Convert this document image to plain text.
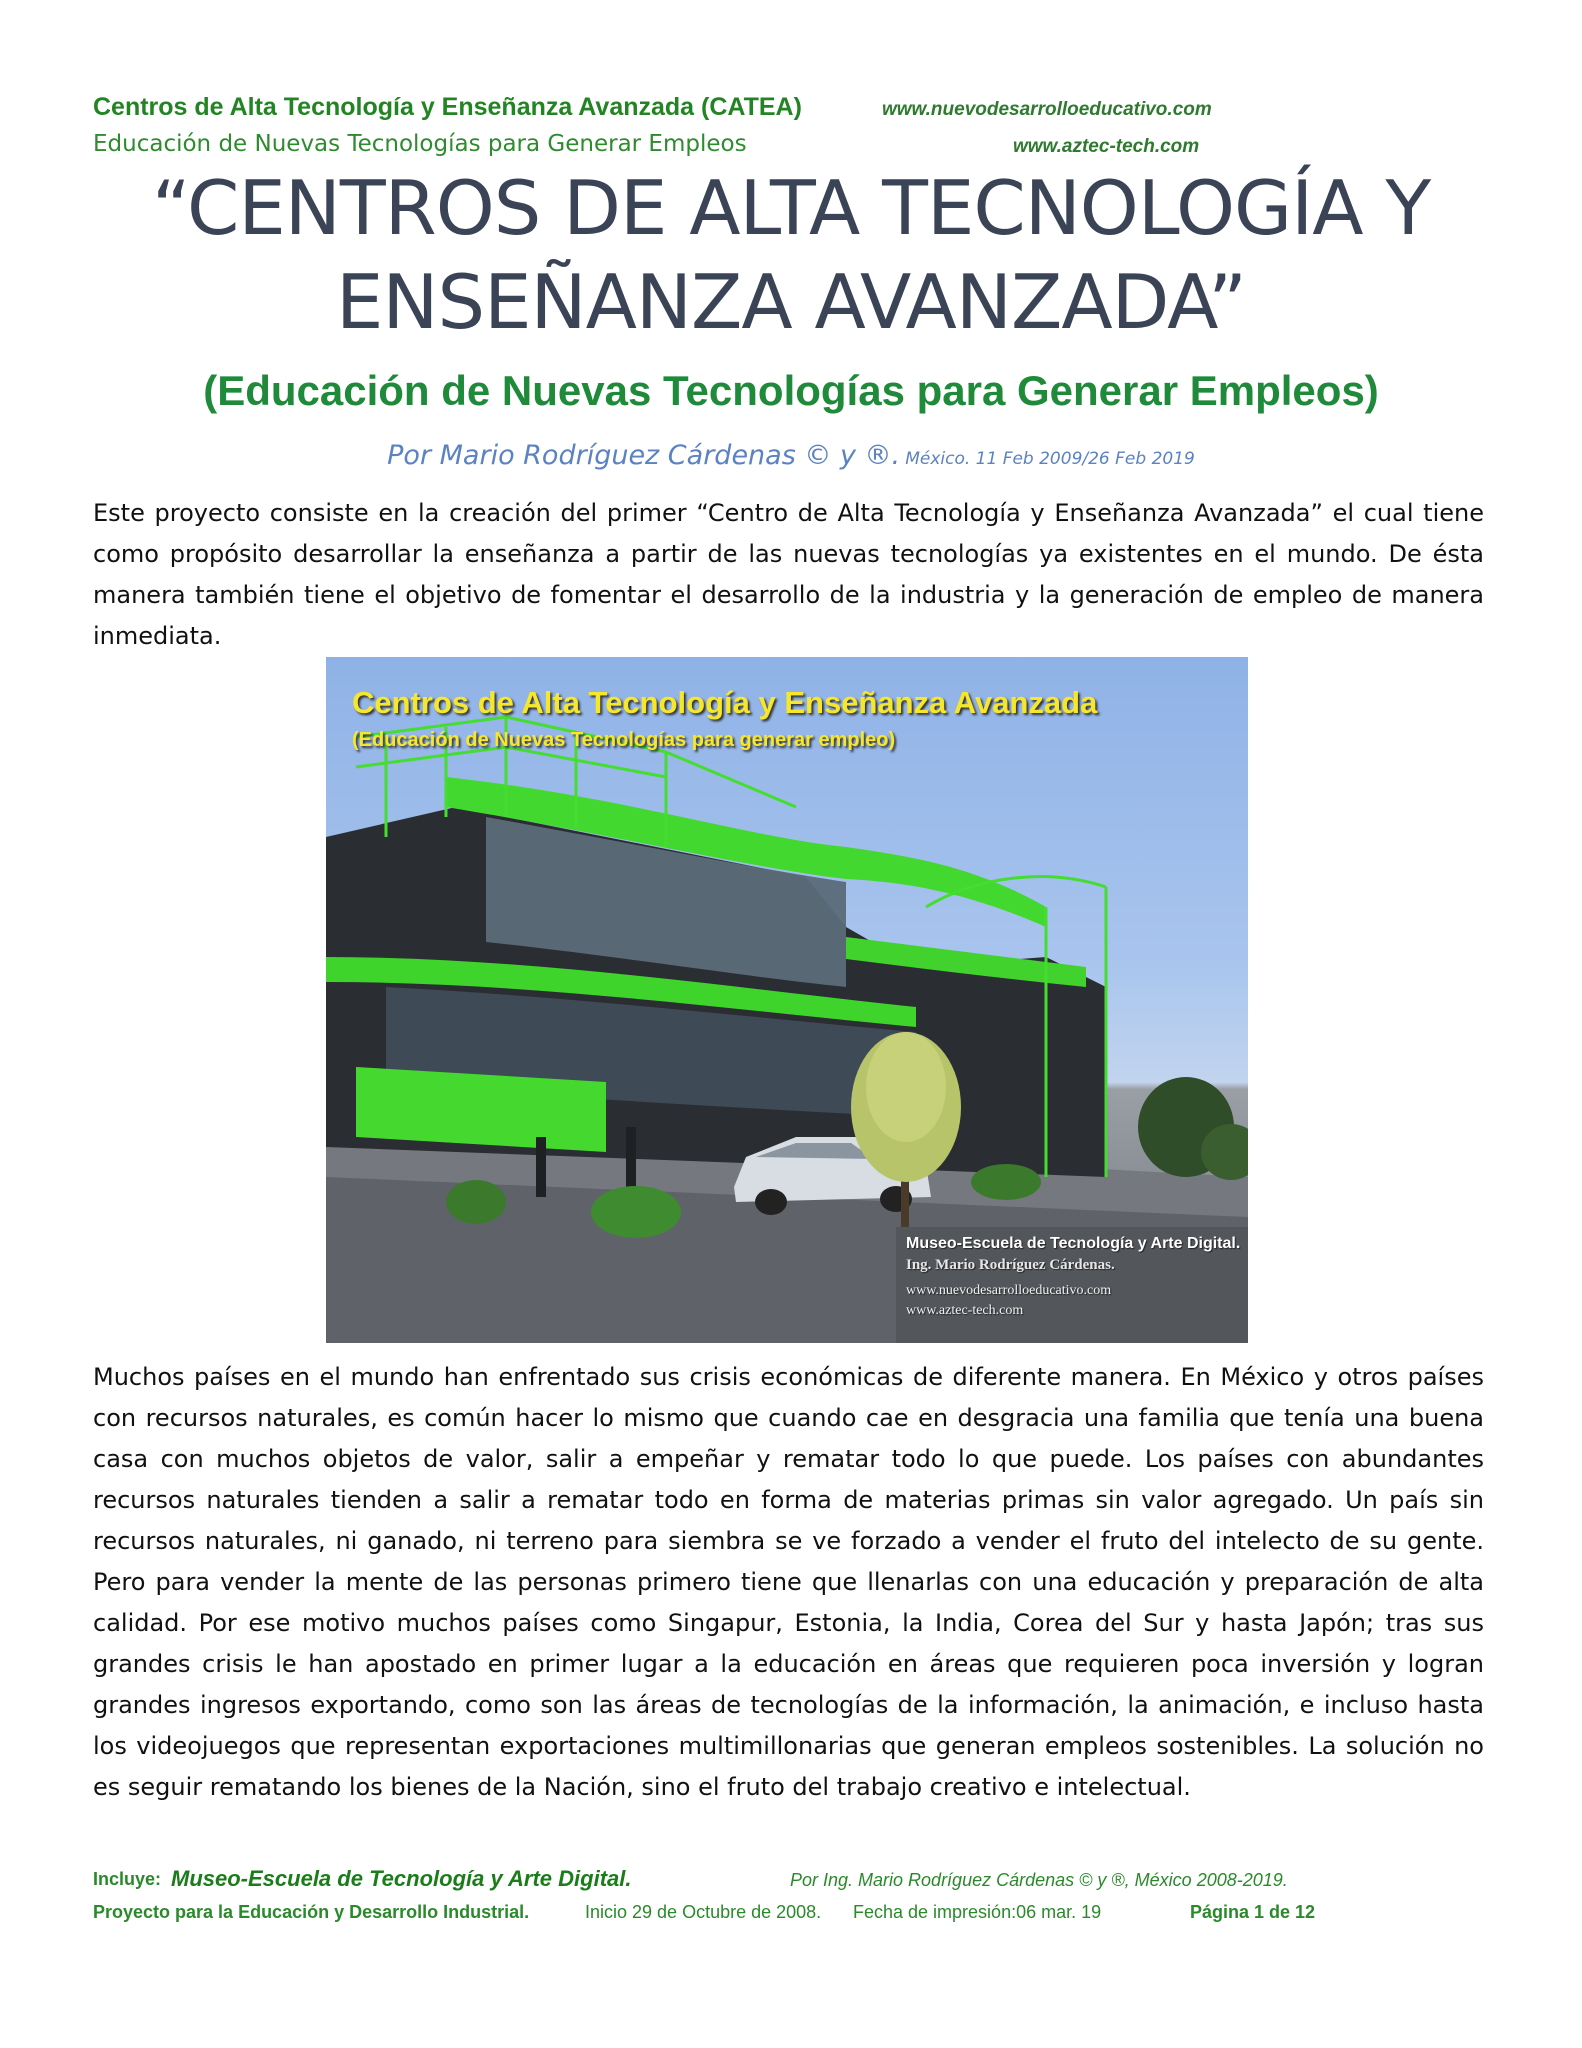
Centros de Alta Tecnología y Enseñanza Avanzada (CATEA)
Educación de Nuevas Tecnologías para Generar Empleos
www.nuevodesarrolloeducativo.com
www.aztec-tech.com
“CENTROS DE ALTA TECNOLOGÍA Y
ENSEÑANZA AVANZADA”
(Educación de Nuevas Tecnologías para Generar Empleos)
Por Mario Rodríguez Cárdenas © y ®. México. 11 Feb 2009/26 Feb 2019
Este proyecto consiste en la creación del primer “Centro de Alta Tecnología y Enseñanza Avanzada” el cual tiene como propósito desarrollar la enseñanza a partir de las nuevas tecnologías ya existentes en el mundo. De ésta manera también tiene el objetivo de fomentar el desarrollo de la industria y la generación de empleo de manera inmediata.
Centros de Alta Tecnología y Enseñanza Avanzada
(Educación de Nuevas Tecnologías para generar empleo)
Museo-Escuela de Tecnología y Arte Digital.
Ing. Mario Rodríguez Cárdenas.
www.nuevodesarrolloeducativo.com
www.aztec-tech.com
Muchos países en el mundo han enfrentado sus crisis económicas de diferente manera. En México y otros países con recursos naturales, es común hacer lo mismo que cuando cae en desgracia una familia que tenía una buena casa con muchos objetos de valor, salir a empeñar y rematar todo lo que puede. Los países con abundantes recursos naturales tienden a salir a rematar todo en forma de materias primas sin valor agregado. Un país sin recursos naturales, ni ganado, ni terreno para siembra se ve forzado a vender el fruto del intelecto de su gente. Pero para vender la mente de las personas primero tiene que llenarlas con una educación y preparación de alta calidad. Por ese motivo muchos países como Singapur, Estonia, la India, Corea del Sur y hasta Japón; tras sus grandes crisis le han apostado en primer lugar a la educación en áreas que requieren poca inversión y logran grandes ingresos exportando, como son las áreas de tecnologías de la información, la animación, e incluso hasta los videojuegos que representan exportaciones multimillonarias que generan empleos sostenibles. La solución no es seguir rematando los bienes de la Nación, sino el fruto del trabajo creativo e intelectual.
Incluye: Museo-Escuela de Tecnología y Arte Digital.	Por Ing. Mario Rodríguez Cárdenas © y ®, México 2008-2019.
Proyecto para la Educación y Desarrollo Industrial.	Inicio 29 de Octubre de 2008. Fecha de impresión:06 mar. 19	Página 1 de 12
